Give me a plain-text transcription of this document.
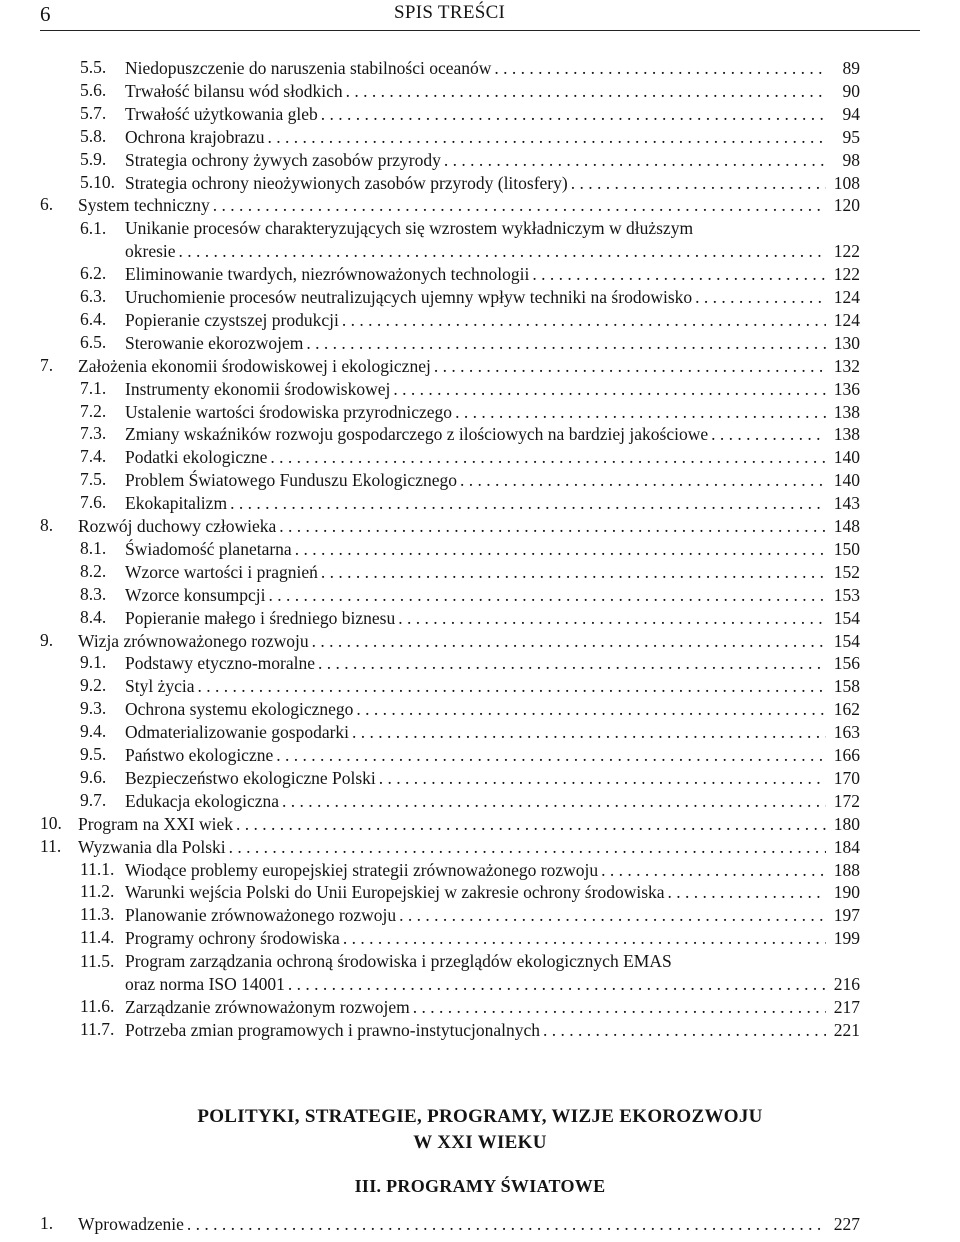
6	SPIS TREŚCI
5.5. Niedopuszczenie do naruszenia stabilności oceanów . . .	89
5.6. Trwałość bilansu wód słodkich . . .	90
5.7. Trwałość użytkowania gleb . . .	94
5.8. Ochrona krajobrazu . . .	95
5.9. Strategia ochrony żywych zasobów przyrody . . .	98
5.10. Strategia ochrony nieożywionych zasobów przyrody (litosfery) . . .	108
6. System techniczny . . .	120
6.1. Unikanie procesów charakteryzujących się wzrostem wykładniczym w dłuższym
okresie . . .	122
6.2. Eliminowanie twardych, niezrównoważonych technologii . . .	122
6.3. Uruchomienie procesów neutralizujących ujemny wpływ techniki na środowisko . . .	124
6.4. Popieranie czystszej produkcji . . .	124
6.5. Sterowanie ekorozwojem . . .	130
7. Założenia ekonomii środowiskowej i ekologicznej . . .	132
7.1. Instrumenty ekonomii środowiskowej . . .	136
7.2. Ustalenie wartości środowiska przyrodniczego . . .	138
7.3. Zmiany wskaźników rozwoju gospodarczego z ilościowych na bardziej jakościowe . . .	138
7.4. Podatki ekologiczne . . .	140
7.5. Problem Światowego Funduszu Ekologicznego . . .	140
7.6. Ekokapitalizm . . .	143
8. Rozwój duchowy człowieka . . .	148
8.1. Świadomość planetarna . . .	150
8.2. Wzorce wartości i pragnień . . .	152
8.3. Wzorce konsumpcji . . .	153
8.4. Popieranie małego i średniego biznesu . . .	154
9. Wizja zrównoważonego rozwoju . . .	154
9.1. Podstawy etyczno-moralne . . .	156
9.2. Styl życia . . .	158
9.3. Ochrona systemu ekologicznego . . .	162
9.4. Odmaterializowanie gospodarki . . .	163
9.5. Państwo ekologiczne . . .	166
9.6. Bezpieczeństwo ekologiczne Polski . . .	170
9.7. Edukacja ekologiczna . . .	172
10. Program na XXI wiek . . .	180
11. Wyzwania dla Polski . . .	184
11.1. Wiodące problemy europejskiej strategii zrównoważonego rozwoju . . .	188
11.2. Warunki wejścia Polski do Unii Europejskiej w zakresie ochrony środowiska . . .	190
11.3. Planowanie zrównoważonego rozwoju . . .	197
11.4. Programy ochrony środowiska . . .	199
11.5. Program zarządzania ochroną środowiska i przeglądów ekologicznych EMAS
oraz norma ISO 14001 . . .	216
11.6. Zarządzanie zrównoważonym rozwojem . . .	217
11.7. Potrzeba zmian programowych i prawno-instytucjonalnych . . .	221
POLITYKI, STRATEGIE, PROGRAMY, WIZJE EKOROZWOJU
W XXI WIEKU
III. PROGRAMY ŚWIATOWE
1. Wprowadzenie . . .	227
